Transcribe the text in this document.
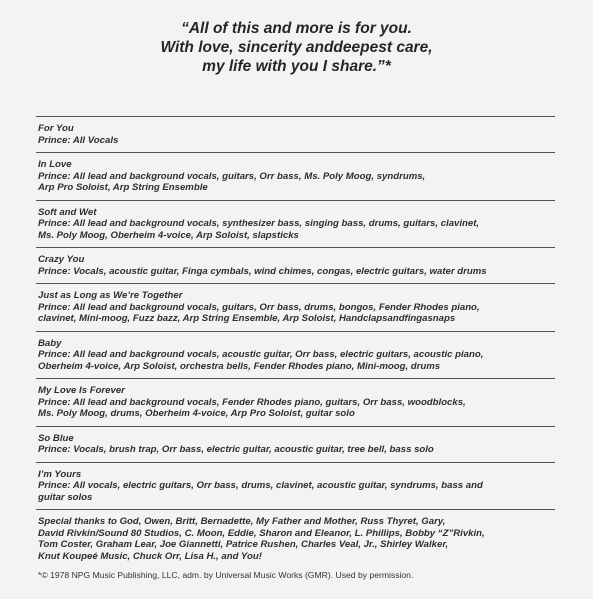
“All of this and more is for you.
With love, sincerity anddeepest care,
my life with you I share.”*
For You
Prince: All Vocals
In Love
Prince: All lead and background vocals, guitars, Orr bass, Ms. Poly Moog, syndrums,
Arp Pro Soloist, Arp String Ensemble
Soft and Wet
Prince: All lead and background vocals, synthesizer bass, singing bass, drums, guitars, clavinet,
Ms. Poly Moog, Oberheim 4-voice, Arp Soloist, slapsticks
Crazy You
Prince: Vocals, acoustic guitar, Finga cymbals, wind chimes, congas, electric guitars, water drums
Just as Long as We’re Together
Prince: All lead and background vocals, guitars, Orr bass, drums, bongos, Fender Rhodes piano,
clavinet, Mini-moog, Fuzz bazz, Arp String Ensemble, Arp Soloist, Handclapsandfingasnaps
Baby
Prince: All lead and background vocals, acoustic guitar, Orr bass, electric guitars, acoustic piano,
Oberheim 4-voice, Arp Soloist, orchestra bells, Fender Rhodes piano, Mini-moog, drums
My Love Is Forever
Prince: All lead and background vocals, Fender Rhodes piano, guitars, Orr bass, woodblocks,
Ms. Poly Moog, drums, Oberheim 4-voice, Arp Pro Soloist, guitar solo
So Blue
Prince: Vocals, brush trap, Orr bass, electric guitar, acoustic guitar, tree bell, bass solo
I’m Yours
Prince: All vocals, electric guitars, Orr bass, drums, clavinet, acoustic guitar, syndrums, bass and
guitar solos
Special thanks to God, Owen, Britt, Bernadette, My Father and Mother, Russ Thyret, Gary,
David Rivkin/Sound 80 Studios, C. Moon, Eddie, Sharon and Eleanor, L. Phillips, Bobby “Z”Rivkin,
Tom Coster, Graham Lear, Joe Giannetti, Patrice Rushen, Charles Veal, Jr., Shirley Walker,
Knut Koupeé Music, Chuck Orr, Lisa H., and You!
*© 1978 NPG Music Publishing, LLC, adm. by Universal Music Works (GMR). Used by permission.
